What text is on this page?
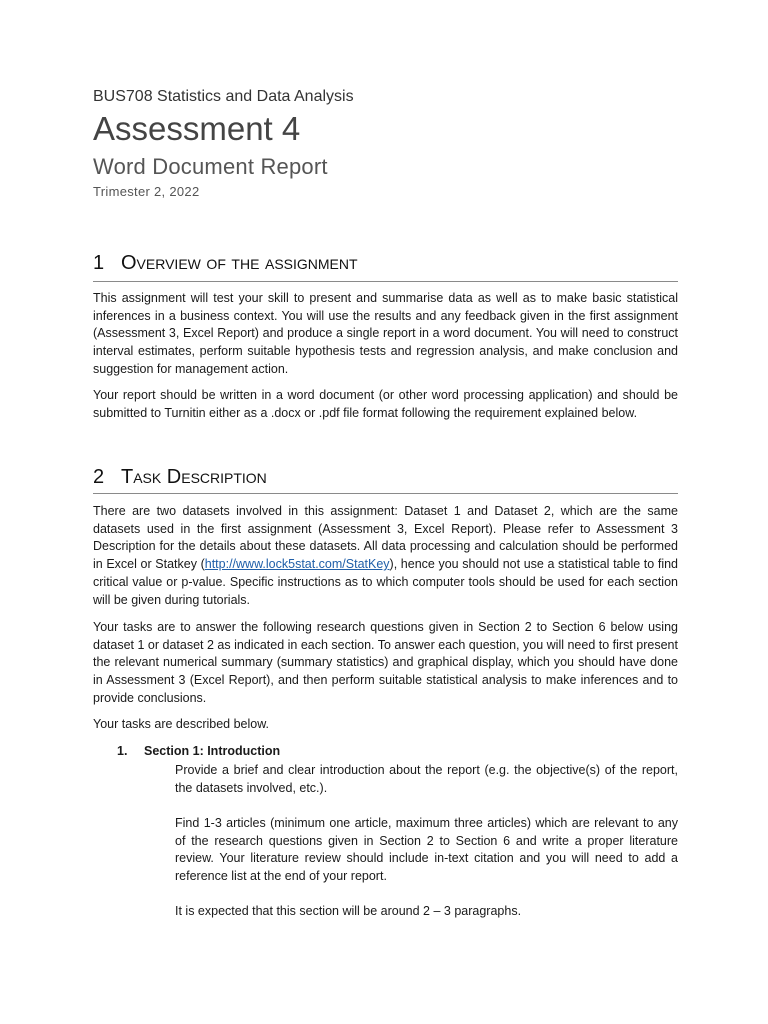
BUS708 Statistics and Data Analysis
Assessment 4
Word Document Report
Trimester 2, 2022
1 Overview of the assignment
This assignment will test your skill to present and summarise data as well as to make basic statistical inferences in a business context. You will use the results and any feedback given in the first assignment (Assessment 3, Excel Report) and produce a single report in a word document. You will need to construct interval estimates, perform suitable hypothesis tests and regression analysis, and make conclusion and suggestion for management action.
Your report should be written in a word document (or other word processing application) and should be submitted to Turnitin either as a .docx or .pdf file format following the requirement explained below.
2 Task Description
There are two datasets involved in this assignment: Dataset 1 and Dataset 2, which are the same datasets used in the first assignment (Assessment 3, Excel Report). Please refer to Assessment 3 Description for the details about these datasets. All data processing and calculation should be performed in Excel or Statkey (http://www.lock5stat.com/StatKey), hence you should not use a statistical table to find critical value or p-value. Specific instructions as to which computer tools should be used for each section will be given during tutorials.
Your tasks are to answer the following research questions given in Section 2 to Section 6 below using dataset 1 or dataset 2 as indicated in each section. To answer each question, you will need to first present the relevant numerical summary (summary statistics) and graphical display, which you should have done in Assessment 3 (Excel Report), and then perform suitable statistical analysis to make inferences and to provide conclusions.
Your tasks are described below.
1.	Section 1: Introduction
Provide a brief and clear introduction about the report (e.g. the objective(s) of the report, the datasets involved, etc.).
Find 1-3 articles (minimum one article, maximum three articles) which are relevant to any of the research questions given in Section 2 to Section 6 and write a proper literature review. Your literature review should include in-text citation and you will need to add a reference list at the end of your report.
It is expected that this section will be around 2 – 3 paragraphs.
